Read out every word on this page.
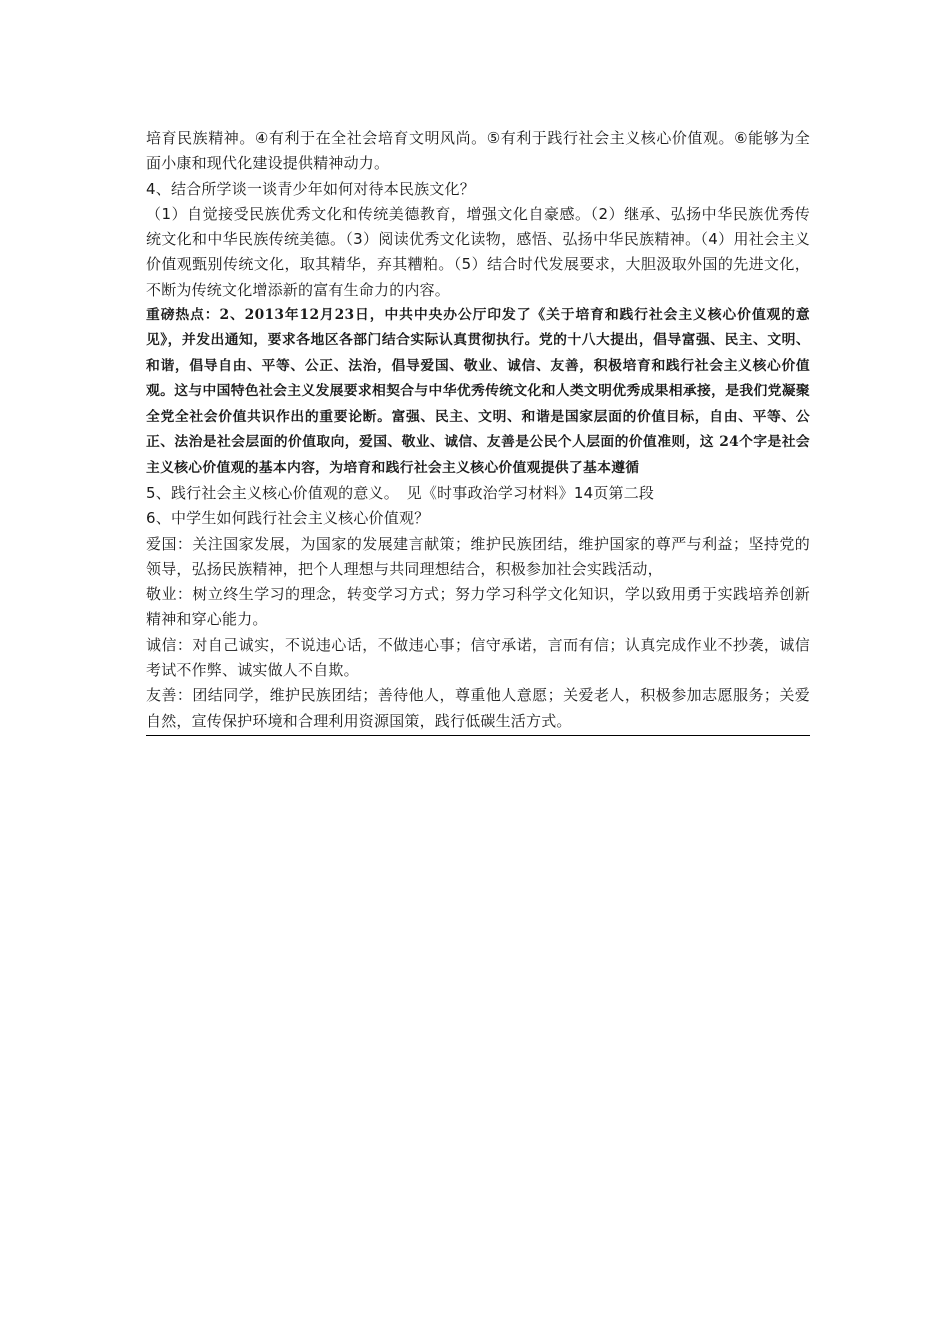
培育民族精神。④有利于在全社会培育文明风尚。⑤有利于践行社会主义核心价值观。⑥能够为全面小康和现代化建设提供精神动力。

4、结合所学谈一谈青少年如何对待本民族文化？

（1）自觉接受民族优秀文化和传统美德教育，增强文化自豪感。（2）继承、弘扬中华民族优秀传统文化和中华民族传统美德。（3）阅读优秀文化读物，感悟、弘扬中华民族精神。（4）用社会主义价值观甄别传统文化，取其精华，弃其糟粕。（5）结合时代发展要求，大胆汲取外国的先进文化，不断为传统文化增添新的富有生命力的内容。

重磅热点：2、2013年12月23日，中共中央办公厅印发了《关于培育和践行社会主义核心价值观的意见》，并发出通知，要求各地区各部门结合实际认真贯彻执行。党的十八大提出，倡导富强、民主、文明、和谐，倡导自由、平等、公正、法治，倡导爱国、敬业、诚信、友善，积极培育和践行社会主义核心价值观。这与中国特色社会主义发展要求相契合与中华优秀传统文化和人类文明优秀成果相承接，是我们党凝聚全党全社会价值共识作出的重要论断。富强、民主、文明、和谐是国家层面的价值目标，自由、平等、公正、法治是社会层面的价值取向，爱国、敬业、诚信、友善是公民个人层面的价值准则，这 24个字是社会主义核心价值观的基本内容，为培育和践行社会主义核心价值观提供了基本遵循

5、践行社会主义核心价值观的意义。　见《时事政治学习材料》14页第二段

6、中学生如何践行社会主义核心价值观？

爱国：关注国家发展，为国家的发展建言献策；维护民族团结，维护国家的尊严与利益；坚持党的领导，弘扬民族精神，把个人理想与共同理想结合，积极参加社会实践活动，

敬业：树立终生学习的理念，转变学习方式；努力学习科学文化知识，学以致用勇于实践培养创新精神和穿心能力。

诚信：对自己诚实，不说违心话，不做违心事；信守承诺，言而有信；认真完成作业不抄袭，诚信考试不作弊、诚实做人不自欺。

友善：团结同学，维护民族团结；善待他人，尊重他人意愿；关爱老人，积极参加志愿服务；关爱自然，宣传保护环境和合理利用资源国策，践行低碳生活方式。
